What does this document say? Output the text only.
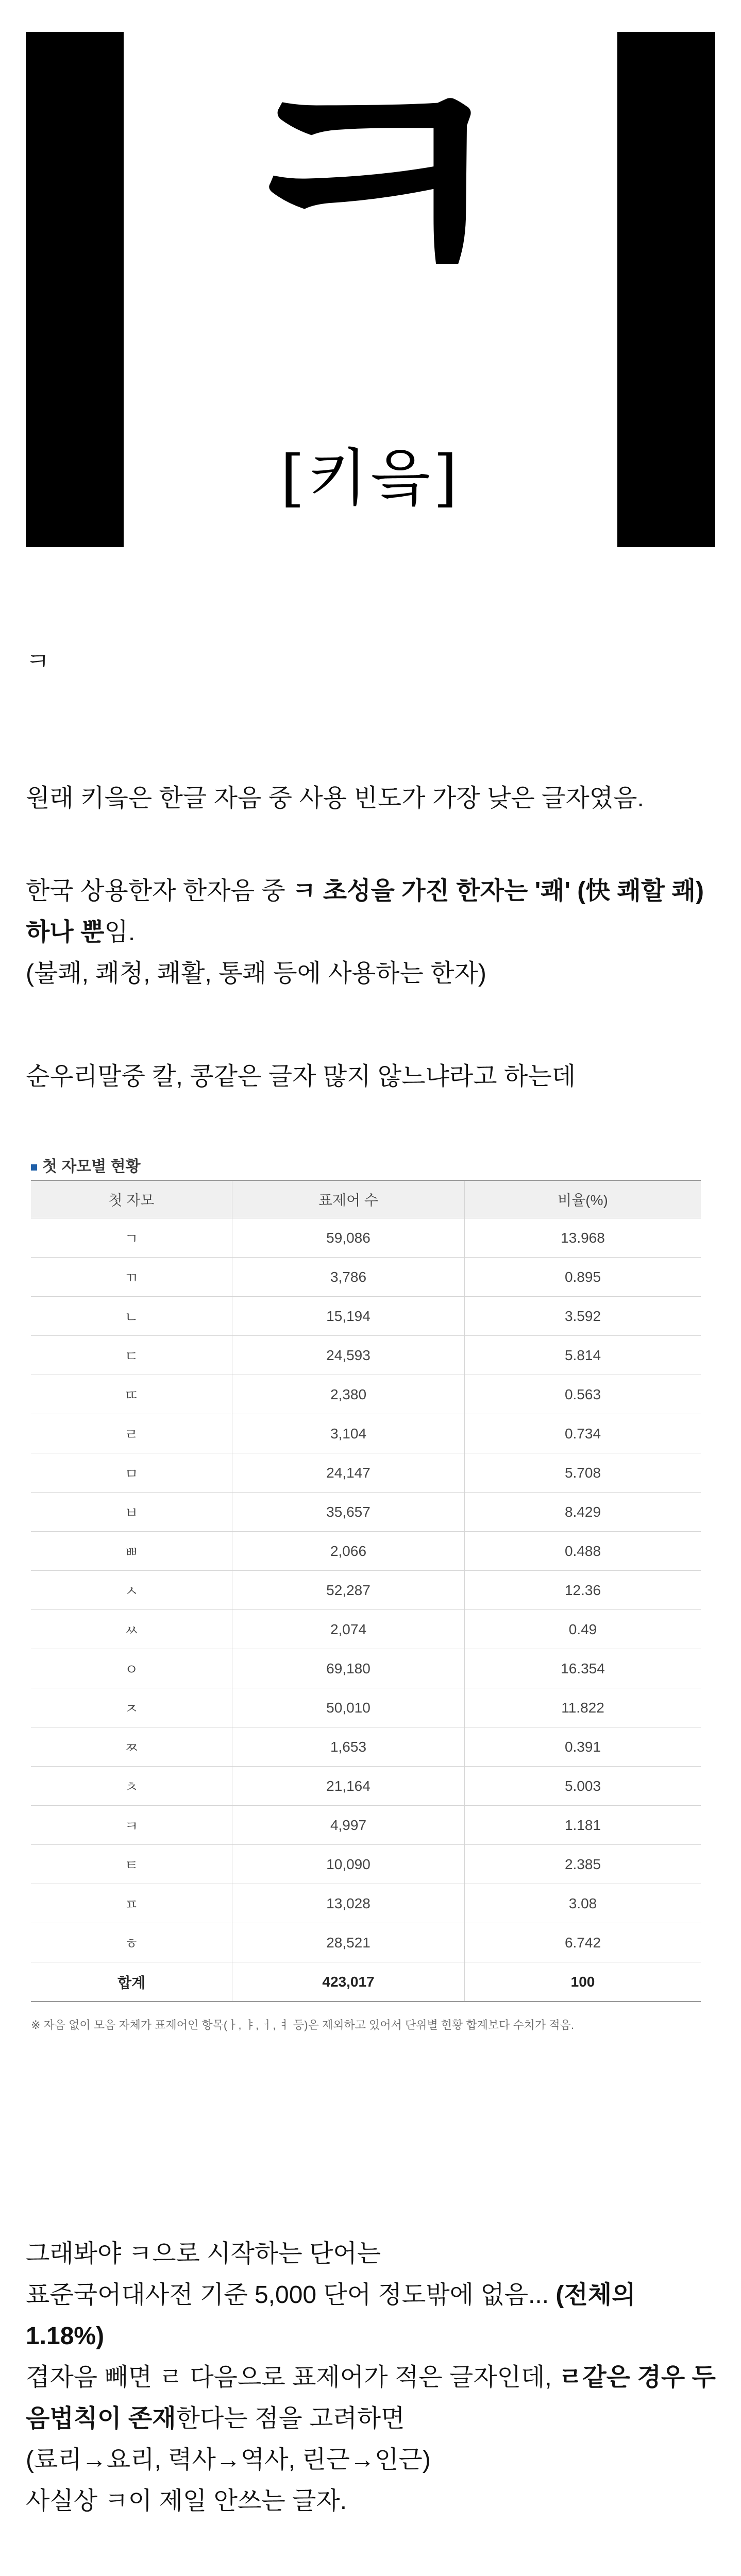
ㅋ
[키읔]

ㅋ

원래 키읔은 한글 자음 중 사용 빈도가 가장 낮은 글자였음.

한국 상용한자 한자음 중 ㅋ 초성을 가진 한자는 '쾌' (快 쾌할 쾌) 하나 뿐임.

(불쾌, 쾌청, 쾌활, 통쾌 등에 사용하는 한자)

순우리말중 칼, 콩같은 글자 많지 않느냐라고 하는데

첫 자모별 현황
첫 자모	표제어 수	비율(%)
ㄱ	59,086	13.968
ㄲ	3,786	0.895
ㄴ	15,194	3.592
ㄷ	24,593	5.814
ㄸ	2,380	0.563
ㄹ	3,104	0.734
ㅁ	24,147	5.708
ㅂ	35,657	8.429
ㅃ	2,066	0.488
ㅅ	52,287	12.36
ㅆ	2,074	0.49
ㅇ	69,180	16.354
ㅈ	50,010	11.822
ㅉ	1,653	0.391
ㅊ	21,164	5.003
ㅋ	4,997	1.181
ㅌ	10,090	2.385
ㅍ	13,028	3.08
ㅎ	28,521	6.742
합계	423,017	100
※ 자음 없이 모음 자체가 표제어인 항목(ㅏ, ㅑ, ㅓ, ㅕ 등)은 제외하고 있어서 단위별 현황 합계보다 수치가 적음.

그래봐야 ㅋ으로 시작하는 단어는

표준국어대사전 기준 5,000 단어 정도밖에 없음... (전체의 1.18%)

겹자음 빼면 ㄹ 다음으로 표제어가 적은 글자인데, ㄹ같은 경우 두음법칙이 존재한다는 점을 고려하면

(료리→요리, 력사→역사, 린근→인근)

사실상 ㅋ이 제일 안쓰는 글자.
